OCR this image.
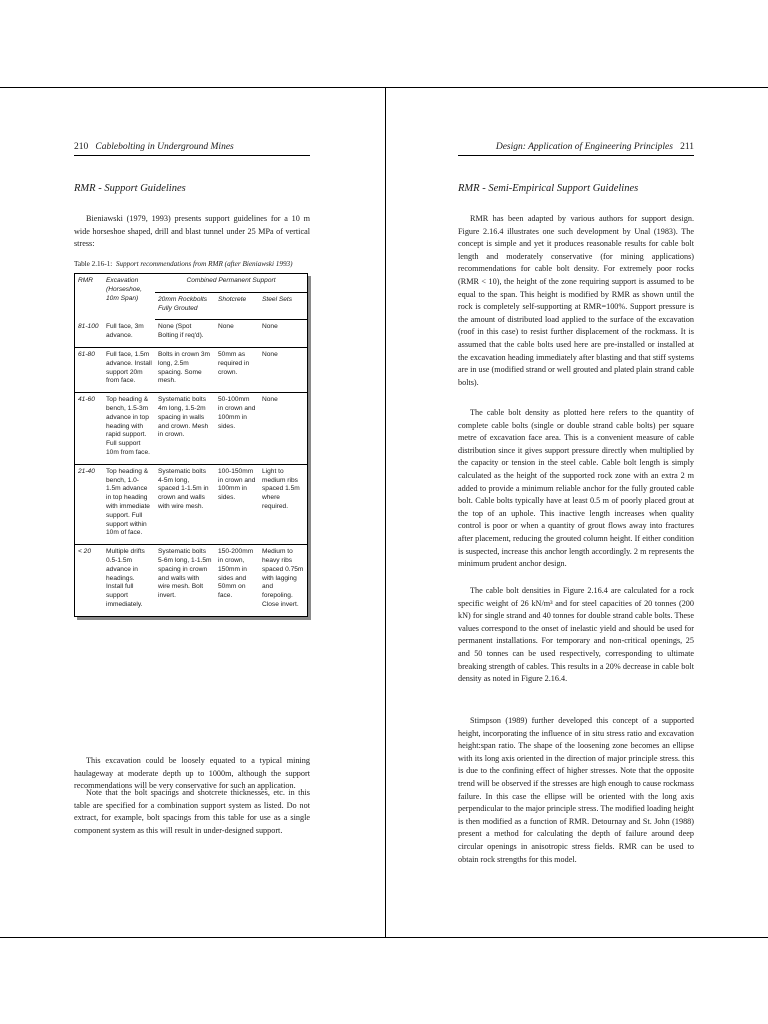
210 Cablebolting in Underground Mines
RMR - Support Guidelines

Bieniawski (1979, 1993) presents support guidelines for a 10 m wide horseshoe shaped, drill and blast tunnel under 25 MPa of vertical stress:

Table 2.16-1: Support recommendations from RMR (after Bieniawski 1993)
RMR	Excavation (Horseshoe, 10m Span)	Combined Permanent Support		
		20mm Rockbolts Fully Grouted	Shotcrete	Steel Sets
81-100	Full face, 3m advance.	None (Spot Bolting if req'd).	None	None
61-80	Full face, 1.5m advance. Install support 20m from face.	Bolts in crown 3m long, 2.5m spacing. Some mesh.	50mm as required in crown.	None
41-60	Top heading & bench, 1.5-3m advance in top heading with rapid support. Full support 10m from face.	Systematic bolts 4m long, 1.5-2m spacing in walls and crown. Mesh in crown.	50-100mm in crown and 100mm in sides.	None
21-40	Top heading & bench, 1.0-1.5m advance in top heading with immediate support. Full support within 10m of face.	Systematic bolts 4-5m long, spaced 1-1.5m in crown and walls with wire mesh.	100-150mm in crown and 100mm in sides.	Light to medium ribs spaced 1.5m where required.
< 20	Multiple drifts 0.5-1.5m advance in headings. Install full support immediately.	Systematic bolts 5-6m long, 1-1.5m spacing in crown and walls with wire mesh. Bolt invert.	150-200mm in crown, 150mm in sides and 50mm on face.	Medium to heavy ribs spaced 0.75m with lagging and forepoling. Close invert.

This excavation could be loosely equated to a typical mining haulageway at moderate depth up to 1000m, although the support recommendations will be very conservative for such an application.

Note that the bolt spacings and shotcrete thicknesses, etc. in this table are specified for a combination support system as listed. Do not extract, for example, bolt spacings from this table for use as a single component system as this will result in under-designed support.

Design: Application of Engineering Principles 211
RMR - Semi-Empirical Support Guidelines

RMR has been adapted by various authors for support design. Figure 2.16.4 illustrates one such development by Unal (1983). The concept is simple and yet it produces reasonable results for cable bolt length and moderately conservative (for mining applications) recommendations for cable bolt density. For extremely poor rocks (RMR < 10), the height of the zone requiring support is assumed to be equal to the span. This height is modified by RMR as shown until the rock is completely self-supporting at RMR=100%. Support pressure is the amount of distributed load applied to the surface of the excavation (roof in this case) to resist further displacement of the rockmass. It is assumed that the cable bolts used here are pre-installed or installed at the excavation heading immediately after blasting and that stiff systems are in use (modified strand or well grouted and plated plain strand cable bolts).

The cable bolt density as plotted here refers to the quantity of complete cable bolts (single or double strand cable bolts) per square metre of excavation face area. This is a convenient measure of cable distribution since it gives support pressure directly when multiplied by the capacity or tension in the steel cable. Cable bolt length is simply calculated as the height of the supported rock zone with an extra 2 m added to provide a minimum reliable anchor for the fully grouted cable bolt. Cable bolts typically have at least 0.5 m of poorly placed grout at the top of an uphole. This inactive length increases when quality control is poor or when a quantity of grout flows away into fractures after placement, reducing the grouted column height. If either condition is suspected, increase this anchor length accordingly. 2 m represents the minimum prudent anchor design.

The cable bolt densities in Figure 2.16.4 are calculated for a rock specific weight of 26 kN/m³ and for steel capacities of 20 tonnes (200 kN) for single strand and 40 tonnes for double strand cable bolts. These values correspond to the onset of inelastic yield and should be used for permanent installations. For temporary and non-critical openings, 25 and 50 tonnes can be used respectively, corresponding to ultimate breaking strength of cables. This results in a 20% decrease in cable bolt density as noted in Figure 2.16.4.

Stimpson (1989) further developed this concept of a supported height, incorporating the influence of in situ stress ratio and excavation height:span ratio. The shape of the loosening zone becomes an ellipse with its long axis oriented in the direction of major principle stress. this is due to the confining effect of higher stresses. Note that the opposite trend will be observed if the stresses are high enough to cause rockmass failure. In this case the ellipse will be oriented with the long axis perpendicular to the major principle stress. The modified loading height is then modified as a function of RMR. Detournay and St. John (1988) present a method for calculating the depth of failure around deep circular openings in anisotropic stress fields. RMR can be used to obtain rock strengths for this model.
